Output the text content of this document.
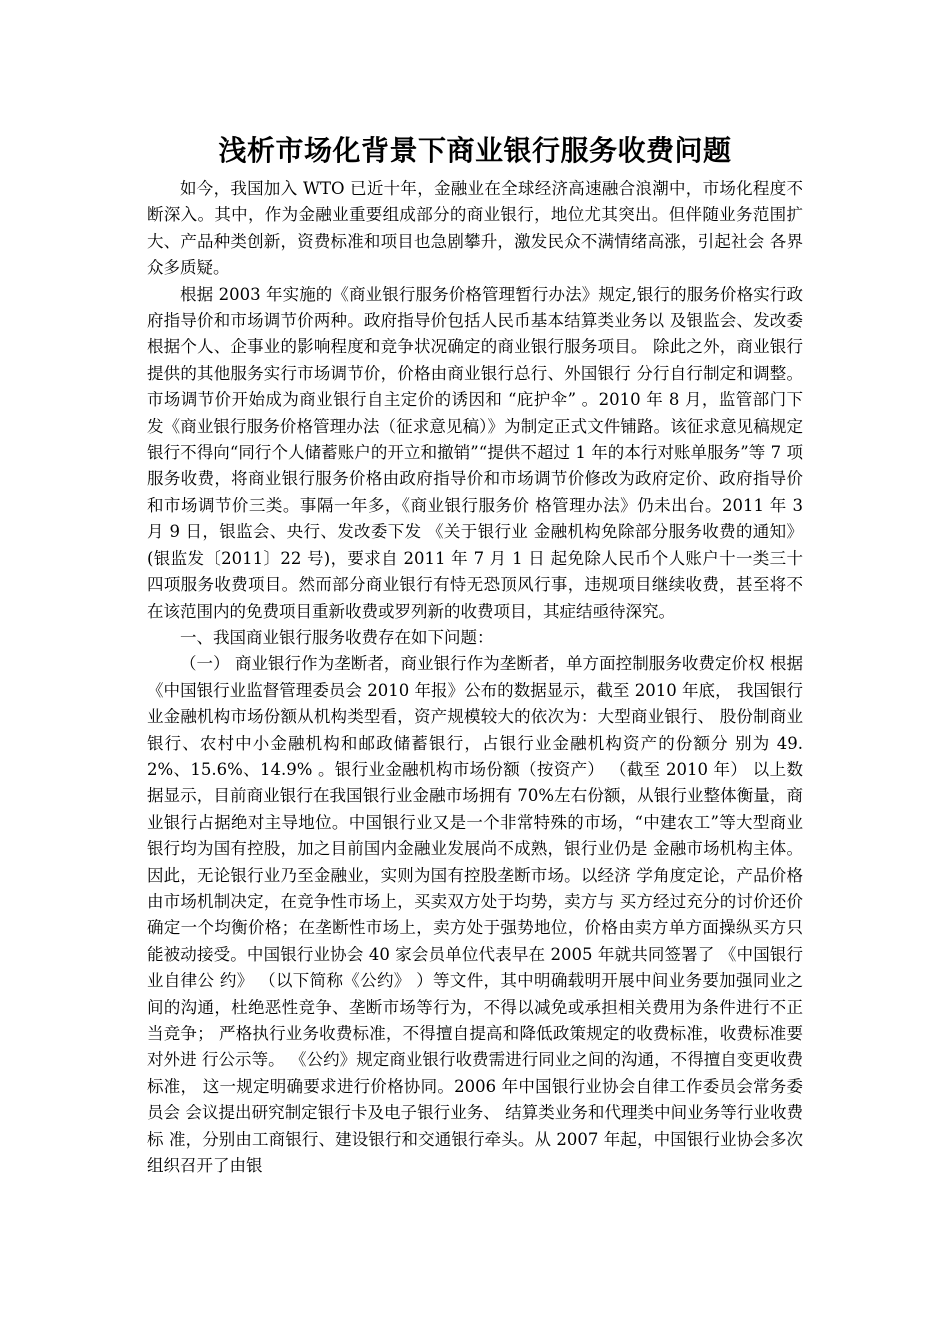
浅析市场化背景下商业银行服务收费问题

如今，我国加入 WTO 已近十年，金融业在全球经济高速融合浪潮中，市场化程度不断深入。其中，作为金融业重要组成部分的商业银行，地位尤其突出。但伴随业务范围扩大、产品种类创新，资费标准和项目也急剧攀升，激发民众不满情绪高涨，引起社会 各界众多质疑。

根据 2003 年实施的《商业银行服务价格管理暂行办法》规定,银行的服务价格实行政府指导价和市场调节价两种。政府指导价包括人民币基本结算类业务以 及银监会、发改委根据个人、企事业的影响程度和竞争状况确定的商业银行服务项目。 除此之外，商业银行提供的其他服务实行市场调节价，价格由商业银行总行、外国银行 分行自行制定和调整。市场调节价开始成为商业银行自主定价的诱因和 “庇护伞” 。2010 年 8 月，监管部门下发《商业银行服务价格管理办法（征求意见稿）》为制定正式文件铺路。该征求意见稿规定银行不得向“同行个人储蓄账户的开立和撤销”“提供不超过 1 年的本行对账单服务”等 7 项服务收费，将商业银行服务价格由政府指导价和市场调节价修改为政府定价、政府指导价和市场调节价三类。事隔一年多，《商业银行服务价 格管理办法》仍未出台。2011 年 3 月 9 日，银监会、央行、发改委下发 《关于银行业 金融机构免除部分服务收费的通知》(银监发〔2011〕22 号)，要求自 2011 年 7 月 1 日 起免除人民币个人账户十一类三十四项服务收费项目。然而部分商业银行有恃无恐顶风行事，违规项目继续收费，甚至将不在该范围内的免费项目重新收费或罗列新的收费项目，其症结亟待深究。

一、我国商业银行服务收费存在如下问题：

（一） 商业银行作为垄断者，商业银行作为垄断者，单方面控制服务收费定价权 根据《中国银行业监督管理委员会 2010 年报》公布的数据显示，截至 2010 年底， 我国银行业金融机构市场份额从机构类型看，资产规模较大的依次为：大型商业银行、 股份制商业银行、农村中小金融机构和邮政储蓄银行，占银行业金融机构资产的份额分 别为 49.2%、15.6%、14.9% 。银行业金融机构市场份额（按资产） （截至 2010 年） 以上数据显示，目前商业银行在我国银行业金融市场拥有 70%左右份额，从银行业整体衡量，商业银行占据绝对主导地位。中国银行业又是一个非常特殊的市场，“中建农工”等大型商业银行均为国有控股，加之目前国内金融业发展尚不成熟，银行业仍是 金融市场机构主体。因此，无论银行业乃至金融业，实则为国有控股垄断市场。以经济 学角度定论，产品价格由市场机制决定，在竞争性市场上，买卖双方处于均势，卖方与 买方经过充分的讨价还价确定一个均衡价格；在垄断性市场上，卖方处于强势地位，价格由卖方单方面操纵买方只能被动接受。中国银行业协会 40 家会员单位代表早在 2005 年就共同签署了 《中国银行业自律公 约》 （以下简称《公约》 ）等文件，其中明确载明开展中间业务要加强同业之间的沟通，杜绝恶性竞争、垄断市场等行为，不得以减免或承担相关费用为条件进行不正当竞争； 严格执行业务收费标准，不得擅自提高和降低政策规定的收费标准，收费标准要对外进 行公示等。 《公约》规定商业银行收费需进行同业之间的沟通，不得擅自变更收费标准， 这一规定明确要求进行价格协同。2006 年中国银行业协会自律工作委员会常务委员会 会议提出研究制定银行卡及电子银行业务、 结算类业务和代理类中间业务等行业收费标 准，分别由工商银行、建设银行和交通银行牵头。从 2007 年起，中国银行业协会多次 组织召开了由银
